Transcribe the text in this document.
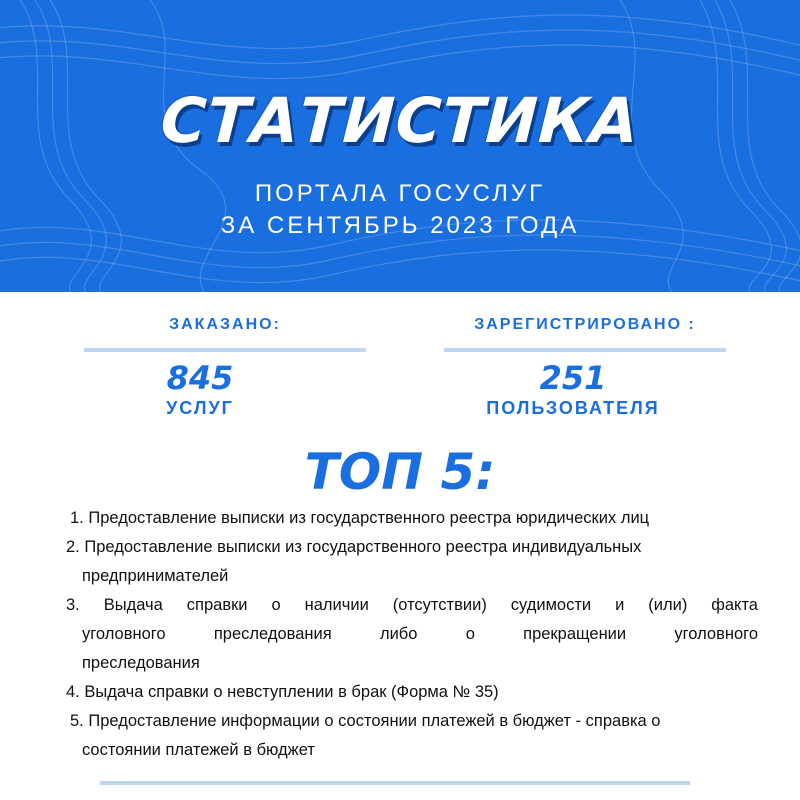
СТАТИСТИКА
ПОРТАЛА ГОСУСЛУГ
ЗА СЕНТЯБРЬ 2023 ГОДА
ЗАКАЗАНО:
845
УСЛУГ
ЗАРЕГИСТРИРОВАНО :
251
ПОЛЬЗОВАТЕЛЯ
ТОП 5:
1. Предоставление выписки из государственного реестра юридических лиц
2. Предоставление выписки из государственного реестра индивидуальных
предпринимателей
3. Выдача справки о наличии (отсутствии) судимости и (или) факта
уголовного преследования либо о прекращении уголовного
преследования
4. Выдача справки о невступлении в брак (Форма № 35)
5. Предоставление информации о состоянии платежей в бюджет - справка о
состоянии платежей в бюджет
